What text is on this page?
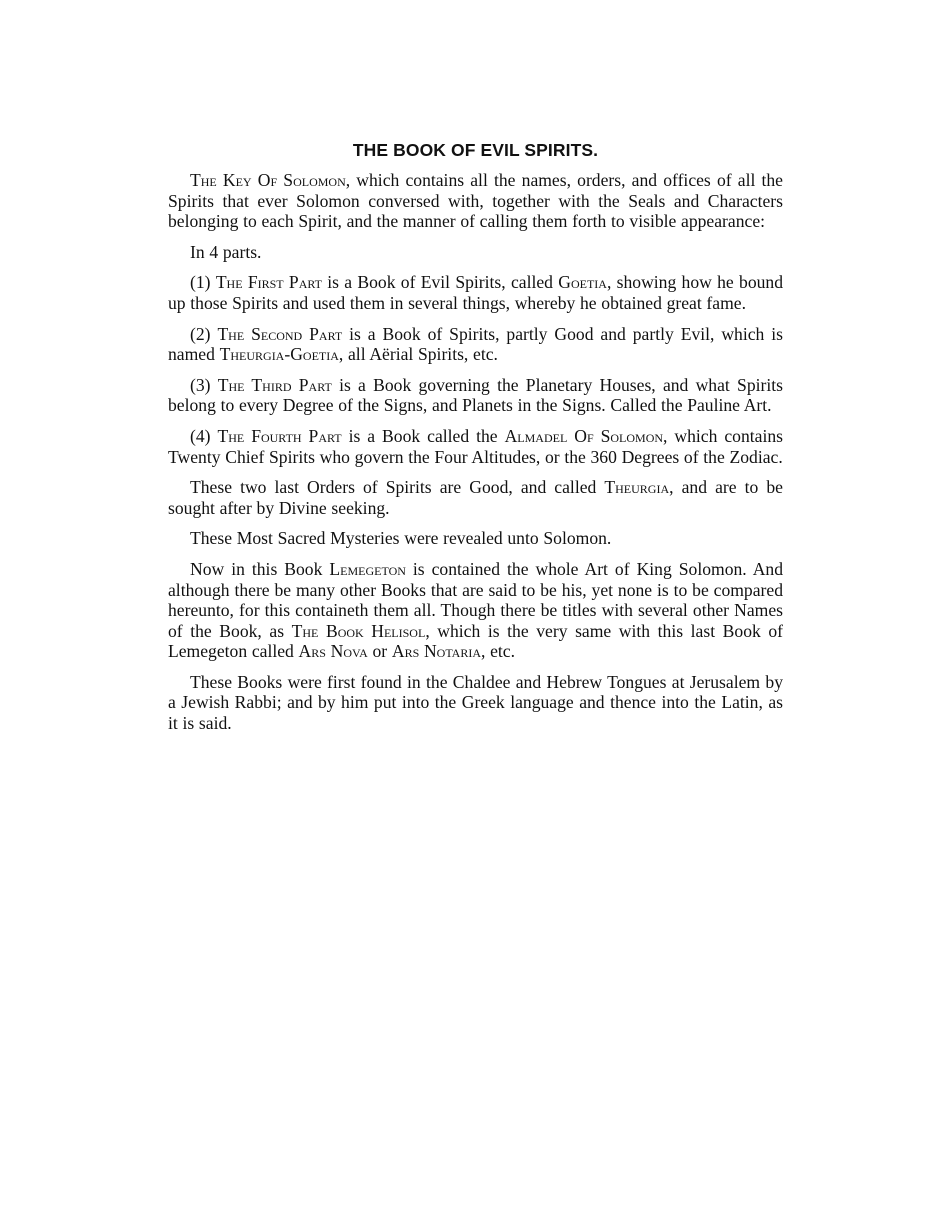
THE BOOK OF EVIL SPIRITS.

The Key Of Solomon, which contains all the names, orders, and offices of all the Spirits that ever Solomon conversed with, together with the Seals and Characters belonging to each Spirit, and the manner of calling them forth to visible appearance:

In 4 parts.

(1) The First Part is a Book of Evil Spirits, called Goetia, showing how he bound up those Spirits and used them in several things, whereby he obtained great fame.

(2) The Second Part is a Book of Spirits, partly Good and partly Evil, which is named Theurgia-Goetia, all Aërial Spirits, etc.

(3) The Third Part is a Book governing the Planetary Houses, and what Spirits belong to every Degree of the Signs, and Planets in the Signs. Called the Pauline Art.

(4) The Fourth Part is a Book called the Almadel Of Solomon, which contains Twenty Chief Spirits who govern the Four Altitudes, or the 360 Degrees of the Zodiac.

These two last Orders of Spirits are Good, and called Theurgia, and are to be sought after by Divine seeking.

These Most Sacred Mysteries were revealed unto Solomon.

Now in this Book Lemegeton is contained the whole Art of King Solomon. And although there be many other Books that are said to be his, yet none is to be compared hereunto, for this containeth them all. Though there be titles with several other Names of the Book, as The Book Helisol, which is the very same with this last Book of Lemegeton called Ars Nova or Ars Notaria, etc.

These Books were first found in the Chaldee and Hebrew Tongues at Jerusalem by a Jewish Rabbi; and by him put into the Greek language and thence into the Latin, as it is said.
